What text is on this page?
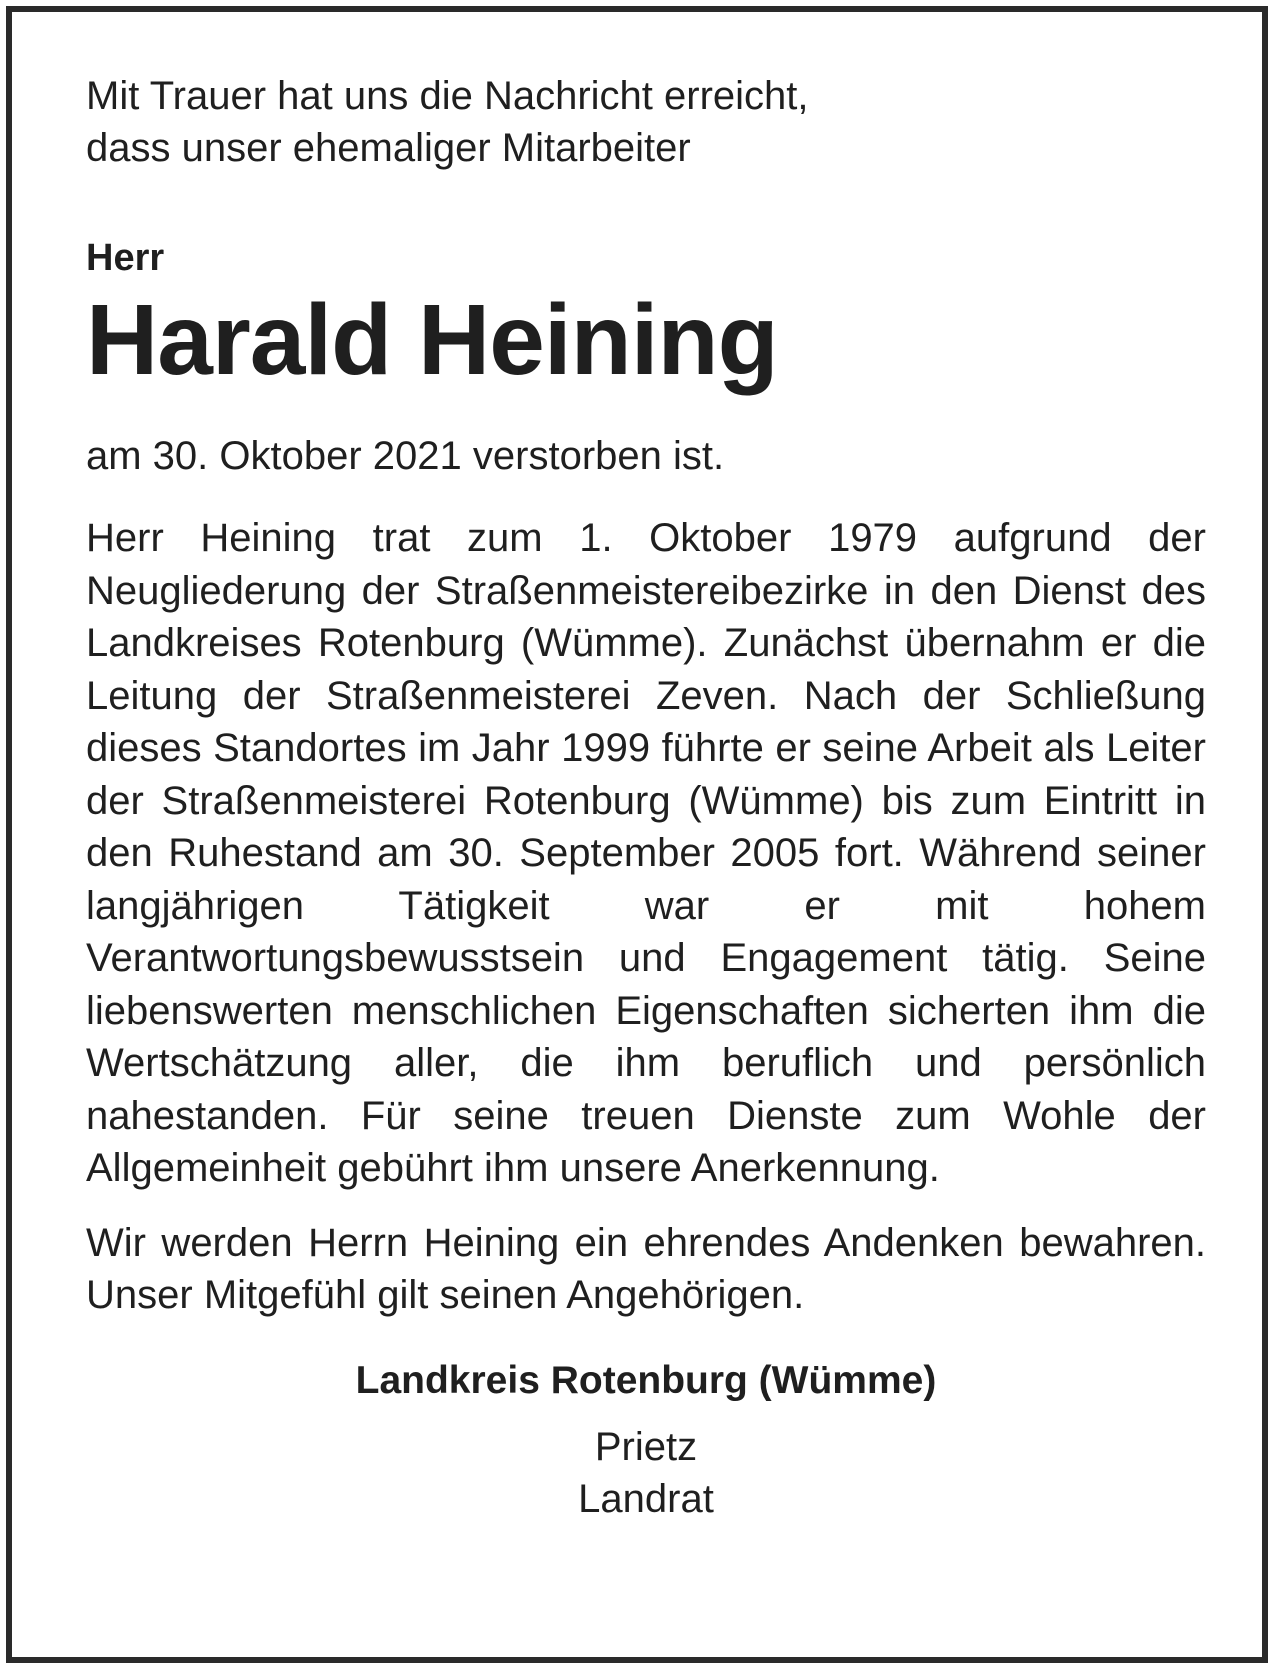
Mit Trauer hat uns die Nachricht erreicht,

dass unser ehemaliger Mitarbeiter

Herr

Harald Heining

am 30. Oktober 2021 verstorben ist.

Herr Heining trat zum 1. Oktober 1979 aufgrund der Neugliederung der Straßenmeistereibezirke in den Dienst des Landkreises Rotenburg (Wümme). Zunächst übernahm er die Leitung der Straßenmeisterei Zeven. Nach der Schließung dieses Standortes im Jahr 1999 führte er seine Arbeit als Leiter der Straßenmeisterei Rotenburg (Wümme) bis zum Eintritt in den Ruhestand am 30. September 2005 fort. Während seiner langjährigen Tätigkeit war er mit hohem Verantwortungsbewusstsein und Engagement tätig. Seine liebenswerten menschlichen Eigenschaften sicherten ihm die Wertschätzung aller, die ihm beruflich und persönlich nahestanden. Für seine treuen Dienste zum Wohle der Allgemeinheit gebührt ihm unsere Anerkennung.

Wir werden Herrn Heining ein ehrendes Andenken bewahren. Unser Mitgefühl gilt seinen Angehörigen.

Landkreis Rotenburg (Wümme)

Prietz

Landrat
